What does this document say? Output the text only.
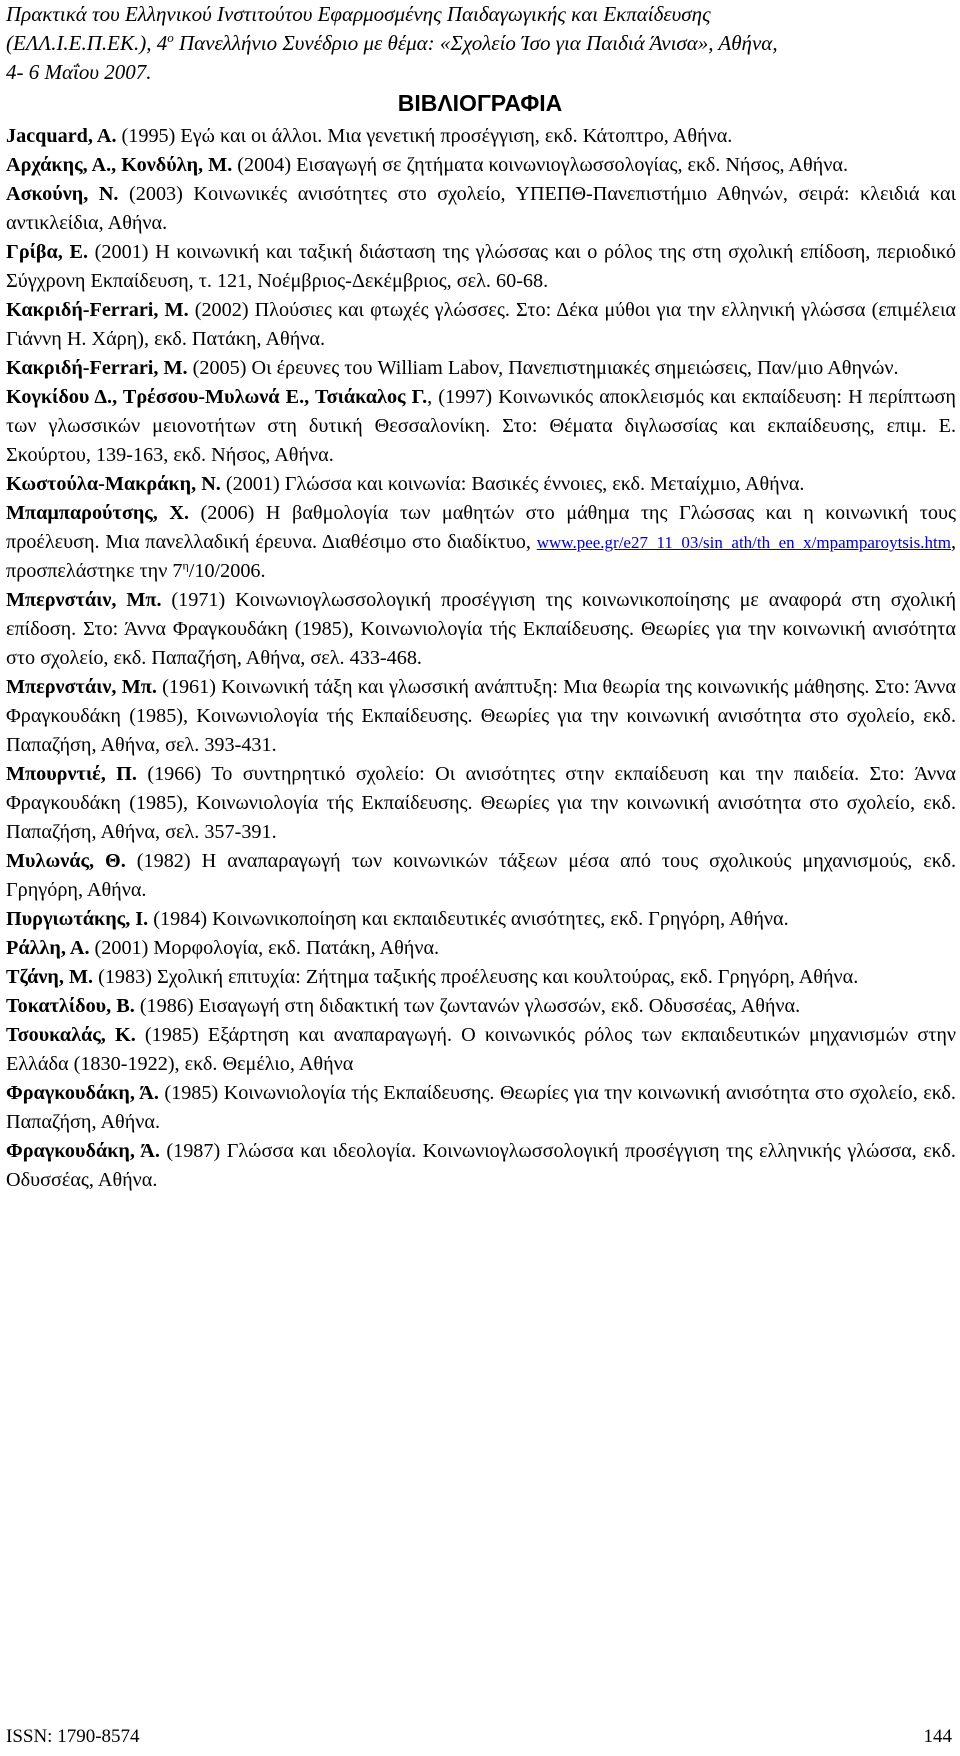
Πρακτικά του Ελληνικού Ινστιτούτου Εφαρμοσμένης Παιδαγωγικής και Εκπαίδευσης
(ΕΛΛ.Ι.Ε.Π.ΕΚ.), $4^o$ Πανελλήνιο Συνέδριο με θέμα: «Σχολείο Ίσο για Παιδιά Άνισα», Αθήνα,
4- 6 Μαΐου 2007.
ΒΙΒΛΙΟΓΡΑΦΙΑ

Jacquard, A. (1995) Εγώ και οι άλλοι. Μια γενετική προσέγγιση, εκδ. Κάτοπτρο, Αθήνα.

Αρχάκης, Α., Κονδύλη, Μ. (2004) Εισαγωγή σε ζητήματα κοινωνιογλωσσολογίας, εκδ. Νήσος, Αθήνα.

Ασκούνη, Ν. (2003) Κοινωνικές ανισότητες στο σχολείο, ΥΠΕΠΘ-Πανεπιστήμιο Αθηνών, σειρά: κλειδιά και αντικλείδια, Αθήνα.

Γρίβα, Ε. (2001) Η κοινωνική και ταξική διάσταση της γλώσσας και ο ρόλος της στη σχολική επίδοση, περιοδικό Σύγχρονη Εκπαίδευση, τ. 121, Νοέμβριος-Δεκέμβριος, σελ. 60-68.

Κακριδή-Ferrari, Μ. (2002) Πλούσιες και φτωχές γλώσσες. Στο: Δέκα μύθοι για την ελληνική γλώσσα (επιμέλεια Γιάννη Η. Χάρη), εκδ. Πατάκη, Αθήνα.

Κακριδή-Ferrari, Μ. (2005) Οι έρευνες του William Labov, Πανεπιστημιακές σημειώσεις, Παν/μιο Αθηνών.

Κογκίδου Δ., Τρέσσου-Μυλωνά Ε., Τσιάκαλος Γ., (1997) Κοινωνικός αποκλεισμός και εκπαίδευση: Η περίπτωση των γλωσσικών μειονοτήτων στη δυτική Θεσσαλονίκη. Στο: Θέματα διγλωσσίας και εκπαίδευσης, επιμ. Ε. Σκούρτου, 139-163, εκδ. Νήσος, Αθήνα.

Κωστούλα-Μακράκη, Ν. (2001) Γλώσσα και κοινωνία: Βασικές έννοιες, εκδ. Μεταίχμιο, Αθήνα.

Μπαμπαρούτσης, Χ. (2006) Η βαθμολογία των μαθητών στο μάθημα της Γλώσσας και η κοινωνική τους προέλευση. Μια πανελλαδική έρευνα. Διαθέσιμο στο διαδίκτυο, www.pee.gr/e27_11_03/sin_ath/th_en_x/mpamparoytsis.htm, προσπελάστηκε την $7^\eta/10/2006$.

Μπερνστάιν, Μπ. (1971) Κοινωνιογλωσσολογική προσέγγιση της κοινωνικοποίησης με αναφορά στη σχολική επίδοση. Στο: Άννα Φραγκουδάκη (1985), Κοινωνιολογία τής Εκπαίδευσης. Θεωρίες για την κοινωνική ανισότητα στο σχολείο, εκδ. Παπαζήση, Αθήνα, σελ. 433-468.

Μπερνστάιν, Μπ. (1961) Κοινωνική τάξη και γλωσσική ανάπτυξη: Μια θεωρία της κοινωνικής μάθησης. Στο: Άννα Φραγκουδάκη (1985), Κοινωνιολογία τής Εκπαίδευσης. Θεωρίες για την κοινωνική ανισότητα στο σχολείο, εκδ. Παπαζήση, Αθήνα, σελ. 393-431.

Μπουρντιέ, Π. (1966) Το συντηρητικό σχολείο: Οι ανισότητες στην εκπαίδευση και την παιδεία. Στο: Άννα Φραγκουδάκη (1985), Κοινωνιολογία τής Εκπαίδευσης. Θεωρίες για την κοινωνική ανισότητα στο σχολείο, εκδ. Παπαζήση, Αθήνα, σελ. 357-391.

Μυλωνάς, Θ. (1982) Η αναπαραγωγή των κοινωνικών τάξεων μέσα από τους σχολικούς μηχανισμούς, εκδ. Γρηγόρη, Αθήνα.

Πυργιωτάκης, Ι. (1984) Κοινωνικοποίηση και εκπαιδευτικές ανισότητες, εκδ. Γρηγόρη, Αθήνα.

Ράλλη, Α. (2001) Μορφολογία, εκδ. Πατάκη, Αθήνα.

Τζάνη, Μ. (1983) Σχολική επιτυχία: Ζήτημα ταξικής προέλευσης και κουλτούρας, εκδ. Γρηγόρη, Αθήνα.

Τοκατλίδου, Β. (1986) Εισαγωγή στη διδακτική των ζωντανών γλωσσών, εκδ. Οδυσσέας, Αθήνα.

Τσουκαλάς, Κ. (1985) Εξάρτηση και αναπαραγωγή. Ο κοινωνικός ρόλος των εκπαιδευτικών μηχανισμών στην Ελλάδα (1830-1922), εκδ. Θεμέλιο, Αθήνα

Φραγκουδάκη, Ά. (1985) Κοινωνιολογία τής Εκπαίδευσης. Θεωρίες για την κοινωνική ανισότητα στο σχολείο, εκδ. Παπαζήση, Αθήνα.

Φραγκουδάκη, Ά. (1987) Γλώσσα και ιδεολογία. Κοινωνιογλωσσολογική προσέγγιση της ελληνικής γλώσσα, εκδ. Οδυσσέας, Αθήνα.

ISSN: 1790-8574	144
